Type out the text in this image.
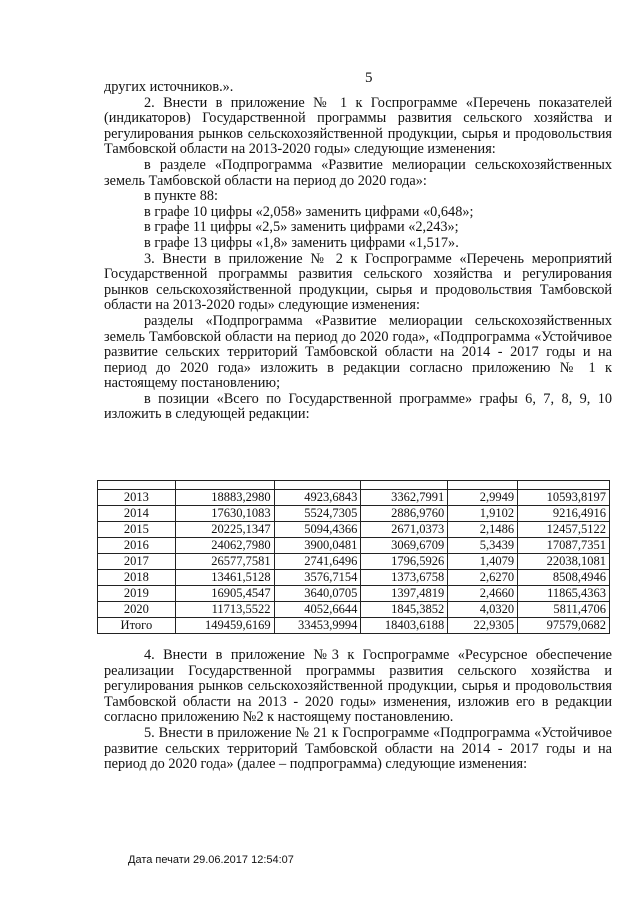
5

других источников.».

2. Внести в приложение № 1 к Госпрограмме «Перечень показателей (индикаторов) Государственной программы развития сельского хозяйства и регулирования рынков сельскохозяйственной продукции, сырья и продовольствия Тамбовской области на 2013-2020 годы» следующие изменения:

в разделе «Подпрограмма «Развитие мелиорации сельскохозяйственных земель Тамбовской области на период до 2020 года»:

в пункте 88:

в графе 10 цифры «2,058» заменить цифрами «0,648»;

в графе 11 цифры «2,5» заменить цифрами «2,243»;

в графе 13 цифры «1,8» заменить цифрами «1,517».

3. Внести в приложение № 2 к Госпрограмме «Перечень мероприятий Государственной программы развития сельского хозяйства и регулирования рынков сельскохозяйственной продукции, сырья и продовольствия Тамбовской области на 2013-2020 годы» следующие изменения:

разделы «Подпрограмма «Развитие мелиорации сельскохозяйственных земель Тамбовской области на период до 2020 года», «Подпрограмма «Устойчивое развитие сельских территорий Тамбовской области на 2014 - 2017 годы и на период до 2020 года» изложить в редакции согласно приложению № 1 к настоящему постановлению;

в позиции «Всего по Государственной программе» графы 6, 7, 8, 9, 10 изложить в следующей редакции:

2013	18883,2980	4923,6843	3362,7991	2,9949	10593,8197
2014	17630,1083	5524,7305	2886,9760	1,9102	9216,4916
2015	20225,1347	5094,4366	2671,0373	2,1486	12457,5122
2016	24062,7980	3900,0481	3069,6709	5,3439	17087,7351
2017	26577,7581	2741,6496	1796,5926	1,4079	22038,1081
2018	13461,5128	3576,7154	1373,6758	2,6270	8508,4946
2019	16905,4547	3640,0705	1397,4819	2,4660	11865,4363
2020	11713,5522	4052,6644	1845,3852	4,0320	5811,4706
Итого	149459,6169	33453,9994	18403,6188	22,9305	97579,0682

4. Внести в приложение №3 к Госпрограмме «Ресурсное обеспечение реализации Государственной программы развития сельского хозяйства и регулирования рынков сельскохозяйственной продукции, сырья и продовольствия Тамбовской области на 2013 - 2020 годы» изменения, изложив его в редакции согласно приложению №2 к настоящему постановлению.

5. Внести в приложение № 21 к Госпрограмме «Подпрограмма «Устойчивое развитие сельских территорий Тамбовской области на 2014 - 2017 годы и на период до 2020 года» (далее – подпрограмма) следующие изменения:

Дата печати 29.06.2017 12:54:07
